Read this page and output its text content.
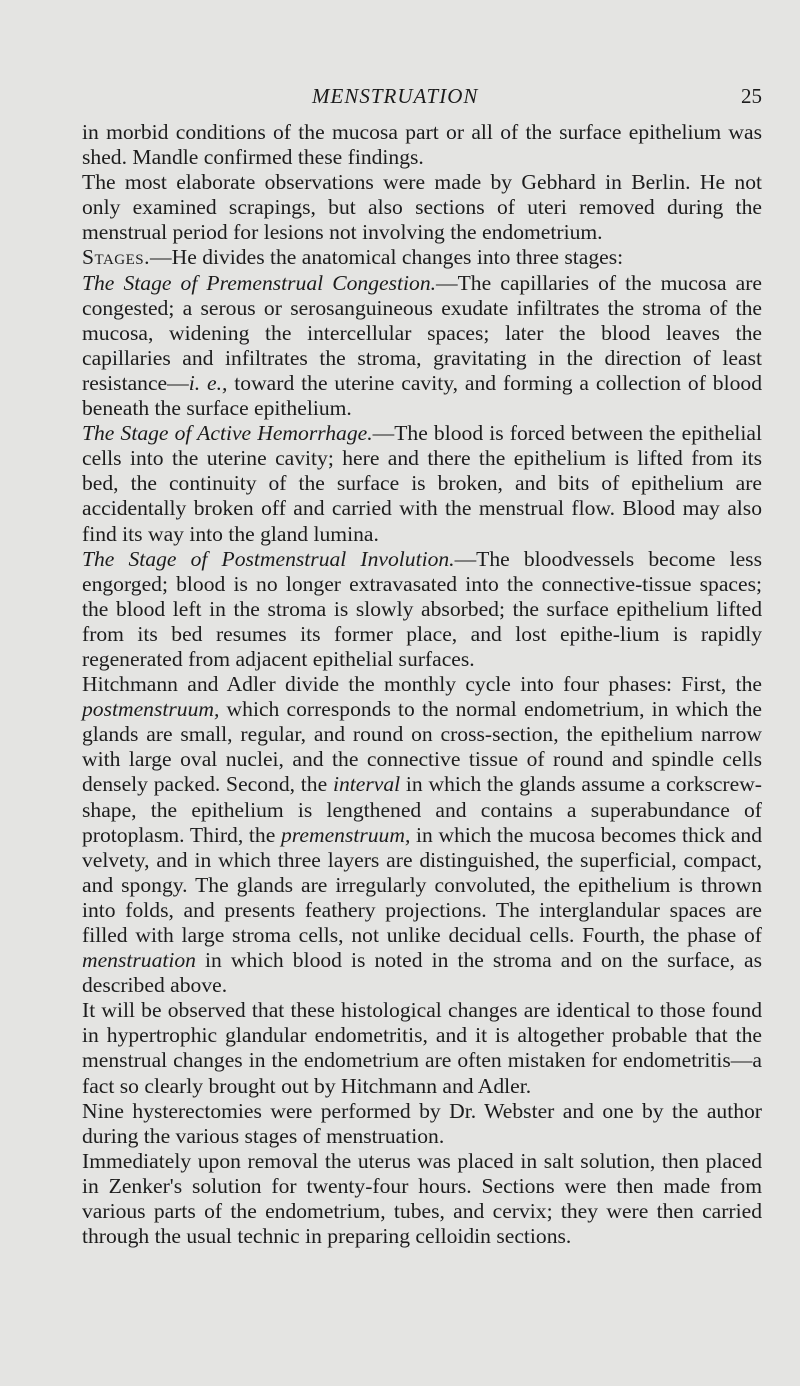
MENSTRUATION	25

in morbid conditions of the mucosa part or all of the surface epithelium was shed. Mandle confirmed these findings.

The most elaborate observations were made by Gebhard in Berlin. He not only examined scrapings, but also sections of uteri removed during the menstrual period for lesions not involving the endometrium.

Stages.—He divides the anatomical changes into three stages:

The Stage of Premenstrual Congestion.—The capillaries of the mucosa are congested; a serous or serosanguineous exudate infiltrates the stroma of the mucosa, widening the intercellular spaces; later the blood leaves the capillaries and infiltrates the stroma, gravitating in the direction of least resistance—i. e., toward the uterine cavity, and forming a collection of blood beneath the surface epithelium.

The Stage of Active Hemorrhage.—The blood is forced between the epithelial cells into the uterine cavity; here and there the epithelium is lifted from its bed, the continuity of the surface is broken, and bits of epithelium are accidentally broken off and carried with the menstrual flow. Blood may also find its way into the gland lumina.

The Stage of Postmenstrual Involution.—The bloodvessels become less engorged; blood is no longer extravasated into the connective-tissue spaces; the blood left in the stroma is slowly absorbed; the surface epithelium lifted from its bed resumes its former place, and lost epithe-lium is rapidly regenerated from adjacent epithelial surfaces.

Hitchmann and Adler divide the monthly cycle into four phases: First, the postmenstruum, which corresponds to the normal endometrium, in which the glands are small, regular, and round on cross-section, the epithelium narrow with large oval nuclei, and the connective tissue of round and spindle cells densely packed. Second, the interval in which the glands assume a corkscrew-shape, the epithelium is lengthened and contains a superabundance of protoplasm. Third, the premenstruum, in which the mucosa becomes thick and velvety, and in which three layers are distinguished, the superficial, compact, and spongy. The glands are irregularly convoluted, the epithelium is thrown into folds, and presents feathery projections. The interglandular spaces are filled with large stroma cells, not unlike decidual cells. Fourth, the phase of menstruation in which blood is noted in the stroma and on the surface, as described above.

It will be observed that these histological changes are identical to those found in hypertrophic glandular endometritis, and it is altogether probable that the menstrual changes in the endometrium are often mistaken for endometritis—a fact so clearly brought out by Hitchmann and Adler.

Nine hysterectomies were performed by Dr. Webster and one by the author during the various stages of menstruation.

Immediately upon removal the uterus was placed in salt solution, then placed in Zenker's solution for twenty-four hours. Sections were then made from various parts of the endometrium, tubes, and cervix; they were then carried through the usual technic in preparing celloidin sections.
